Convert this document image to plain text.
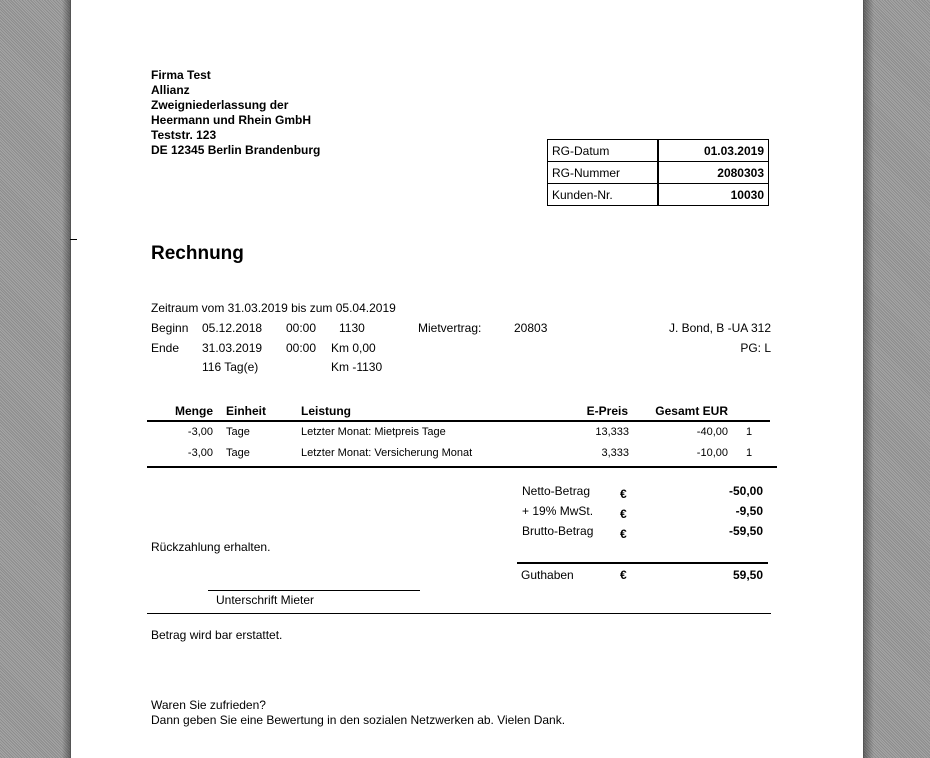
Firma Test
Allianz
Zweigniederlassung der
Heermann und Rhein GmbH
Teststr. 123
DE 12345 Berlin Brandenburg	RG-Datum	01.03.2019
RG-Nummer	2080303
Kunden-Nr.	10030
Rechnung
Zeitraum vom 31.03.2019 bis zum 05.04.2019
Beginn 05.12.2018 00:00 1130	Mietvertrag:	20803	J. Bond, B -UA 312
Ende 31.03.2019 00:00 Km 0,00	PG: L
116 Tag(e)	Km -1130
Menge Einheit	Leistung	E-Preis Gesamt EUR
-3,00 Tage	Letzter Monat: Mietpreis Tage	13,333	-40,00 1
-3,00 Tage	Letzter Monat: Versicherung Monat	3,333	-10,00 1
Netto-Betrag €	-50,00
+ 19% MwSt. €	-9,50
Brutto-Betrag €	-59,50
Rückzahlung erhalten.
Guthaben	€	59,50
Unterschrift Mieter
Betrag wird bar erstattet.
Waren Sie zufrieden?
Dann geben Sie eine Bewertung in den sozialen Netzwerken ab. Vielen Dank.
